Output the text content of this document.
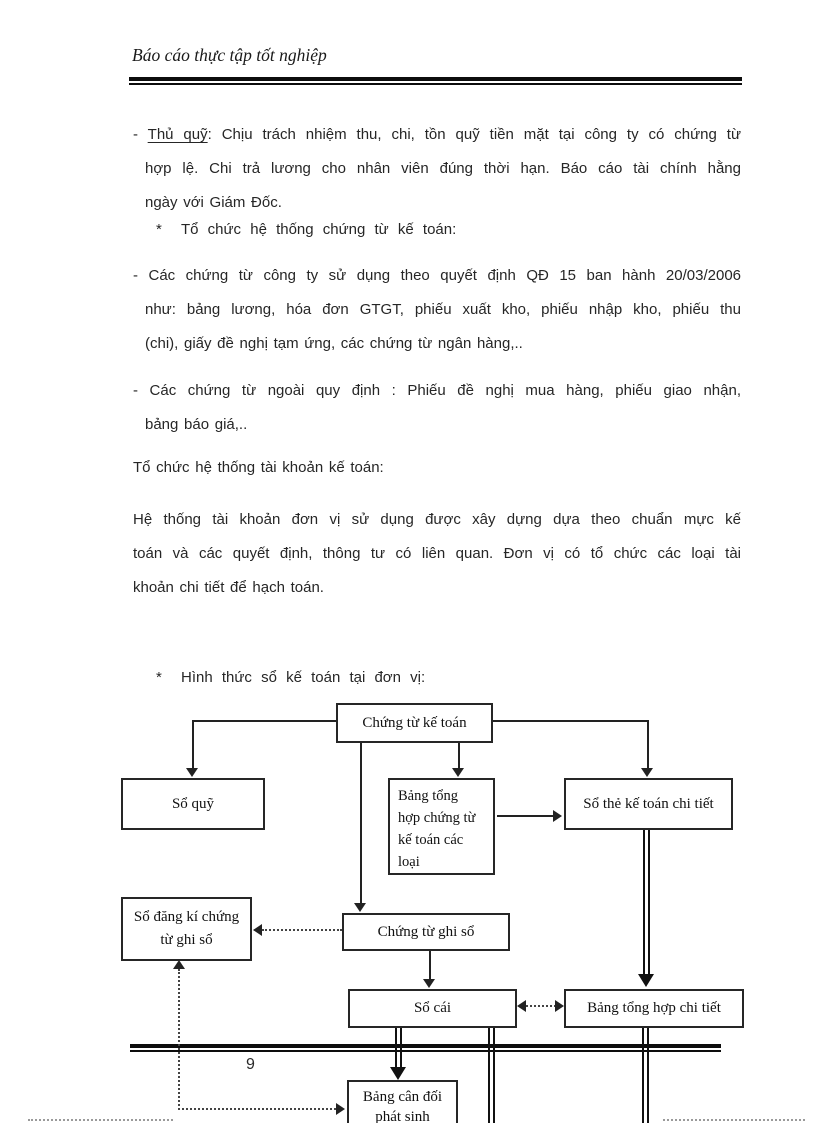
Báo cáo thực tập tốt nghiệp
- Thủ quỹ: Chịu trách nhiệm thu, chi, tồn quỹ tiền mặt tại công ty có chứng từ
hợp lệ. Chi trả lương cho nhân viên đúng thời hạn. Báo cáo tài chính hằng
ngày với Giám Đốc.
* Tổ chức hệ thống chứng từ kế toán:
- Các chứng từ công ty sử dụng theo quyết định QĐ 15 ban hành 20/03/2006
như: bảng lương, hóa đơn GTGT, phiếu xuất kho, phiếu nhập kho, phiếu thu
(chi), giấy đề nghị tạm ứng, các chứng từ ngân hàng,..
- Các chứng từ ngoài quy định : Phiếu đề nghị mua hàng, phiếu giao nhận,
bảng báo giá,..
Tổ chức hệ thống tài khoản kế toán:
Hệ thống tài khoản đơn vị sử dụng được xây dựng dựa theo chuẩn mực kế
toán và các quyết định, thông tư có liên quan. Đơn vị có tổ chức các loại tài
khoản chi tiết để hạch toán.
* Hình thức sổ kế toán tại đơn vị:
Chứng từ kế toán
Sổ quỹ	Bảng tổng
hợp chứng từ
kế toán các
loại
Sổ thẻ kế toán chi tiết
Sổ đăng kí chứng
từ ghi sổ
Chứng từ ghi sổ
Sổ cái	Bảng tổng hợp chi tiết
Bảng cân đối
phát sinh
9
